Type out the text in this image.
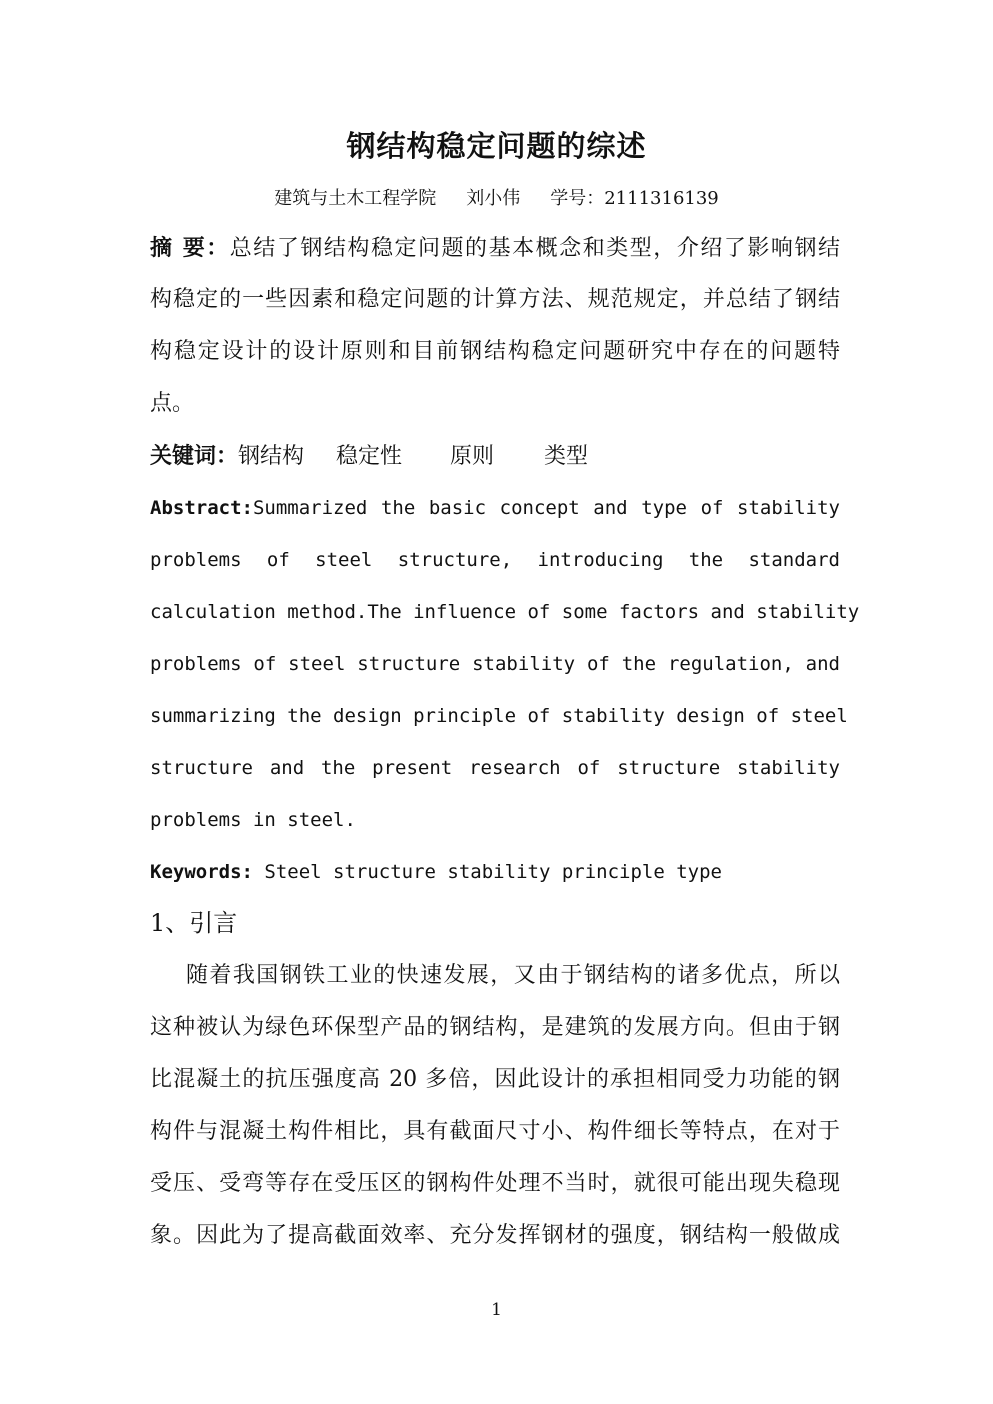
钢结构稳定问题的综述
建筑与土木工程学院 刘小伟 学号：2111316139
摘 要：总结了钢结构稳定问题的基本概念和类型，介绍了影响钢结
构稳定的一些因素和稳定问题的计算方法、规范规定，并总结了钢结
构稳定设计的设计原则和目前钢结构稳定问题研究中存在的问题特
点。
关键词：钢结构 稳定性 原则 类型
Abstract:Summarized the basic concept and type of stability
problems of steel structure, introducing the standard
calculation method.The influence of some factors and stability
problems of steel structure stability of the regulation, and
summarizing the design principle of stability design of steel
structure and the present research of structure stability
problems in steel.
Keywords: Steel structure stability principle type
1、引言
随着我国钢铁工业的快速发展，又由于钢结构的诸多优点，所以
这种被认为绿色环保型产品的钢结构，是建筑的发展方向。但由于钢
比混凝土的抗压强度高 20 多倍，因此设计的承担相同受力功能的钢
构件与混凝土构件相比，具有截面尺寸小、构件细长等特点，在对于
受压、受弯等存在受压区的钢构件处理不当时，就很可能出现失稳现
象。因此为了提高截面效率、充分发挥钢材的强度，钢结构一般做成
1
